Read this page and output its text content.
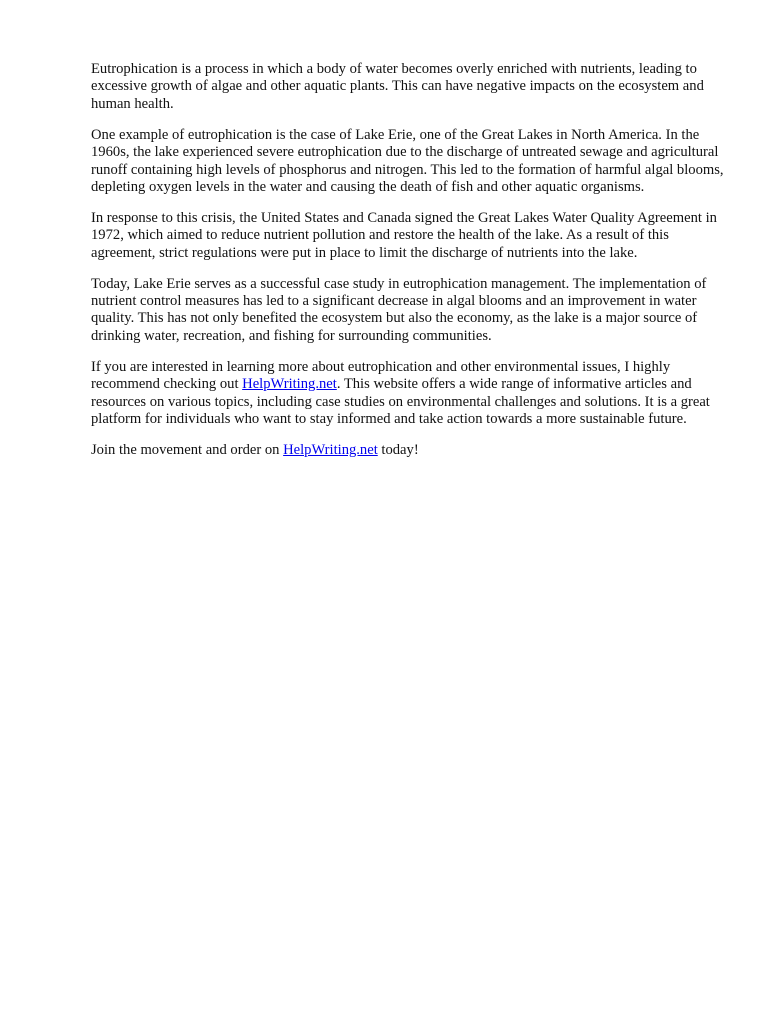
Eutrophication is a process in which a body of water becomes overly enriched with nutrients, leading to excessive growth of algae and other aquatic plants. This can have negative impacts on the ecosystem and human health.

One example of eutrophication is the case of Lake Erie, one of the Great Lakes in North America. In the 1960s, the lake experienced severe eutrophication due to the discharge of untreated sewage and agricultural runoff containing high levels of phosphorus and nitrogen. This led to the formation of harmful algal blooms, depleting oxygen levels in the water and causing the death of fish and other aquatic organisms.

In response to this crisis, the United States and Canada signed the Great Lakes Water Quality Agreement in 1972, which aimed to reduce nutrient pollution and restore the health of the lake. As a result of this agreement, strict regulations were put in place to limit the discharge of nutrients into the lake.

Today, Lake Erie serves as a successful case study in eutrophication management. The implementation of nutrient control measures has led to a significant decrease in algal blooms and an improvement in water quality. This has not only benefited the ecosystem but also the economy, as the lake is a major source of drinking water, recreation, and fishing for surrounding communities.

If you are interested in learning more about eutrophication and other environmental issues, I highly recommend checking out HelpWriting.net. This website offers a wide range of informative articles and resources on various topics, including case studies on environmental challenges and solutions. It is a great platform for individuals who want to stay informed and take action towards a more sustainable future.

Join the movement and order on HelpWriting.net today!
